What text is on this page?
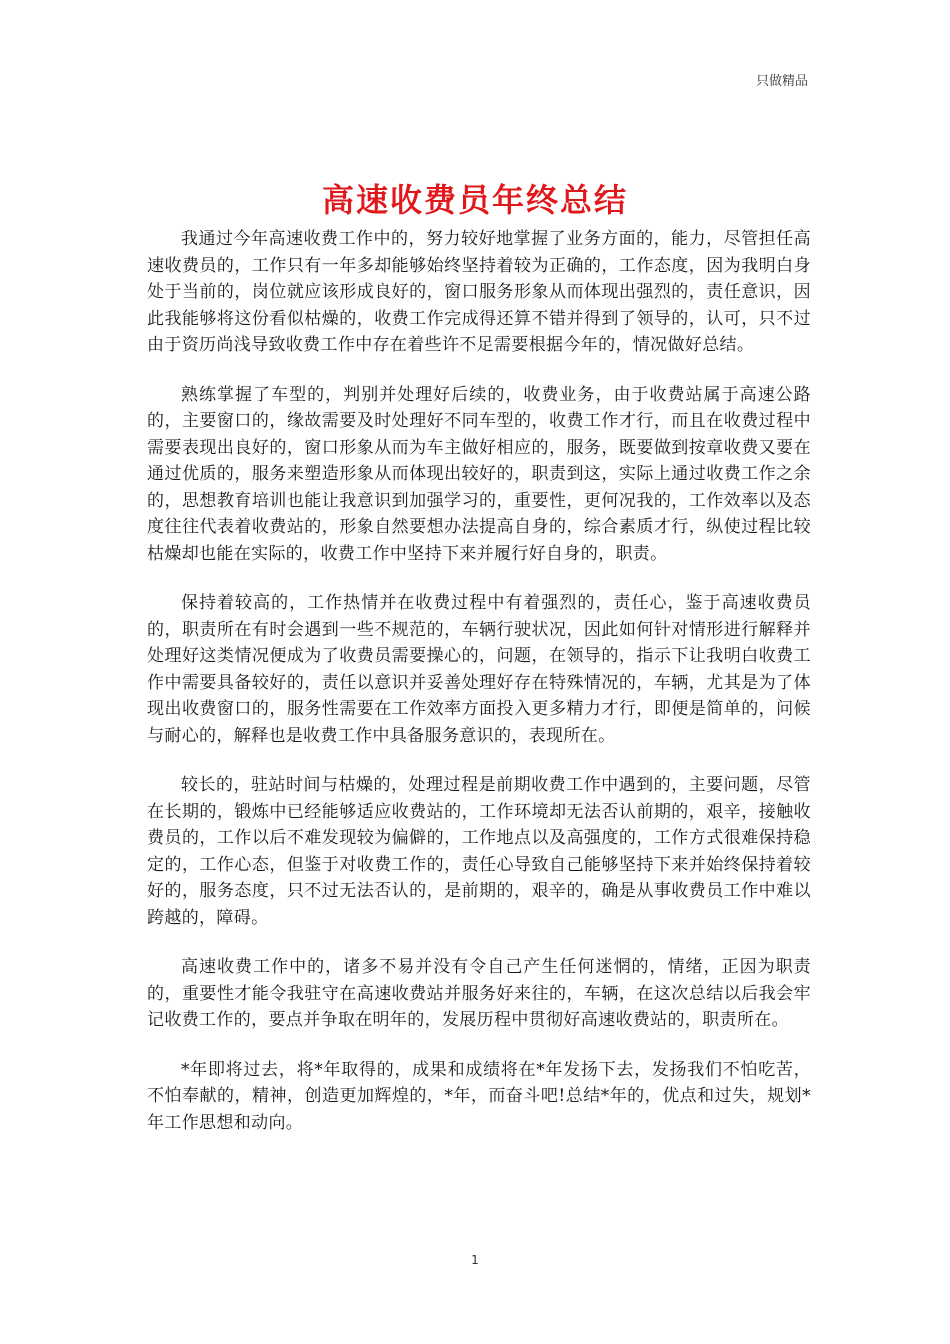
只做精品
高速收费员年终总结

我通过今年高速收费工作中的，努力较好地掌握了业务方面的，能力，尽管担任高速收费员的，工作只有一年多却能够始终坚持着较为正确的，工作态度，因为我明白身处于当前的，岗位就应该形成良好的，窗口服务形象从而体现出强烈的，责任意识，因此我能够将这份看似枯燥的，收费工作完成得还算不错并得到了领导的，认可，只不过由于资历尚浅导致收费工作中存在着些许不足需要根据今年的，情况做好总结。

熟练掌握了车型的，判别并处理好后续的，收费业务，由于收费站属于高速公路的，主要窗口的，缘故需要及时处理好不同车型的，收费工作才行，而且在收费过程中需要表现出良好的，窗口形象从而为车主做好相应的，服务，既要做到按章收费又要在通过优质的，服务来塑造形象从而体现出较好的，职责到这，实际上通过收费工作之余的，思想教育培训也能让我意识到加强学习的，重要性，更何况我的，工作效率以及态度往往代表着收费站的，形象自然要想办法提高自身的，综合素质才行，纵使过程比较枯燥却也能在实际的，收费工作中坚持下来并履行好自身的，职责。

保持着较高的，工作热情并在收费过程中有着强烈的，责任心，鉴于高速收费员的，职责所在有时会遇到一些不规范的，车辆行驶状况，因此如何针对情形进行解释并处理好这类情况便成为了收费员需要操心的，问题，在领导的，指示下让我明白收费工作中需要具备较好的，责任以意识并妥善处理好存在特殊情况的，车辆，尤其是为了体现出收费窗口的，服务性需要在工作效率方面投入更多精力才行，即便是简单的，问候与耐心的，解释也是收费工作中具备服务意识的，表现所在。

较长的，驻站时间与枯燥的，处理过程是前期收费工作中遇到的，主要问题，尽管在长期的，锻炼中已经能够适应收费站的，工作环境却无法否认前期的，艰辛，接触收费员的，工作以后不难发现较为偏僻的，工作地点以及高强度的，工作方式很难保持稳定的，工作心态，但鉴于对收费工作的，责任心导致自己能够坚持下来并始终保持着较好的，服务态度，只不过无法否认的，是前期的，艰辛的，确是从事收费员工作中难以跨越的，障碍。

高速收费工作中的，诸多不易并没有令自己产生任何迷惘的，情绪，正因为职责的，重要性才能令我驻守在高速收费站并服务好来往的，车辆，在这次总结以后我会牢记收费工作的，要点并争取在明年的，发展历程中贯彻好高速收费站的，职责所在。

*年即将过去，将*年取得的，成果和成绩将在*年发扬下去，发扬我们不怕吃苦，不怕奉献的，精神，创造更加辉煌的，*年，而奋斗吧!总结*年的，优点和过失，规划*年工作思想和动向。

1
